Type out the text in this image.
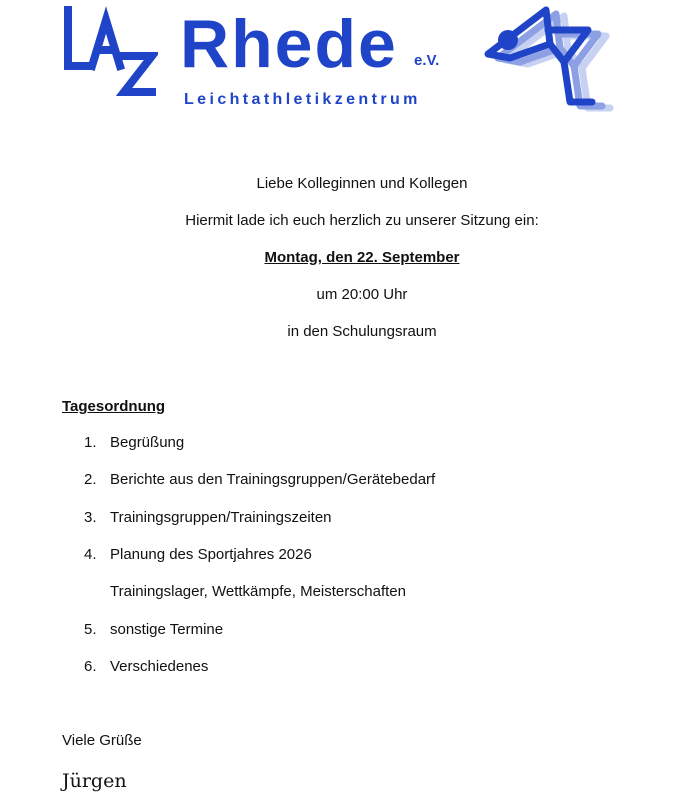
Rhede e.V.
Leichtathletikzentrum
Liebe Kolleginnen und Kollegen
Hiermit lade ich euch herzlich zu unserer Sitzung ein:
Montag, den 22. September
um 20:00 Uhr
in den Schulungsraum
Tagesordnung
1. Begrüßung
2. Berichte aus den Trainingsgruppen/Gerätebedarf
3. Trainingsgruppen/Trainingszeiten
4. Planung des Sportjahres 2026
Trainingslager, Wettkämpfe, Meisterschaften
5. sonstige Termine
6. Verschiedenes
Viele Grüße
Jürgen
